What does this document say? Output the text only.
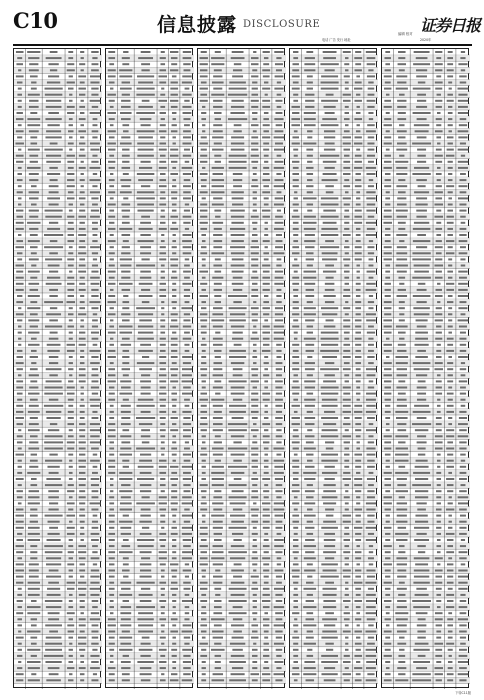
C10	信息披露 DISCLOSURE
编辑 校对
电话 广告 发行 地址
证券日报
2020年
下转C11版
